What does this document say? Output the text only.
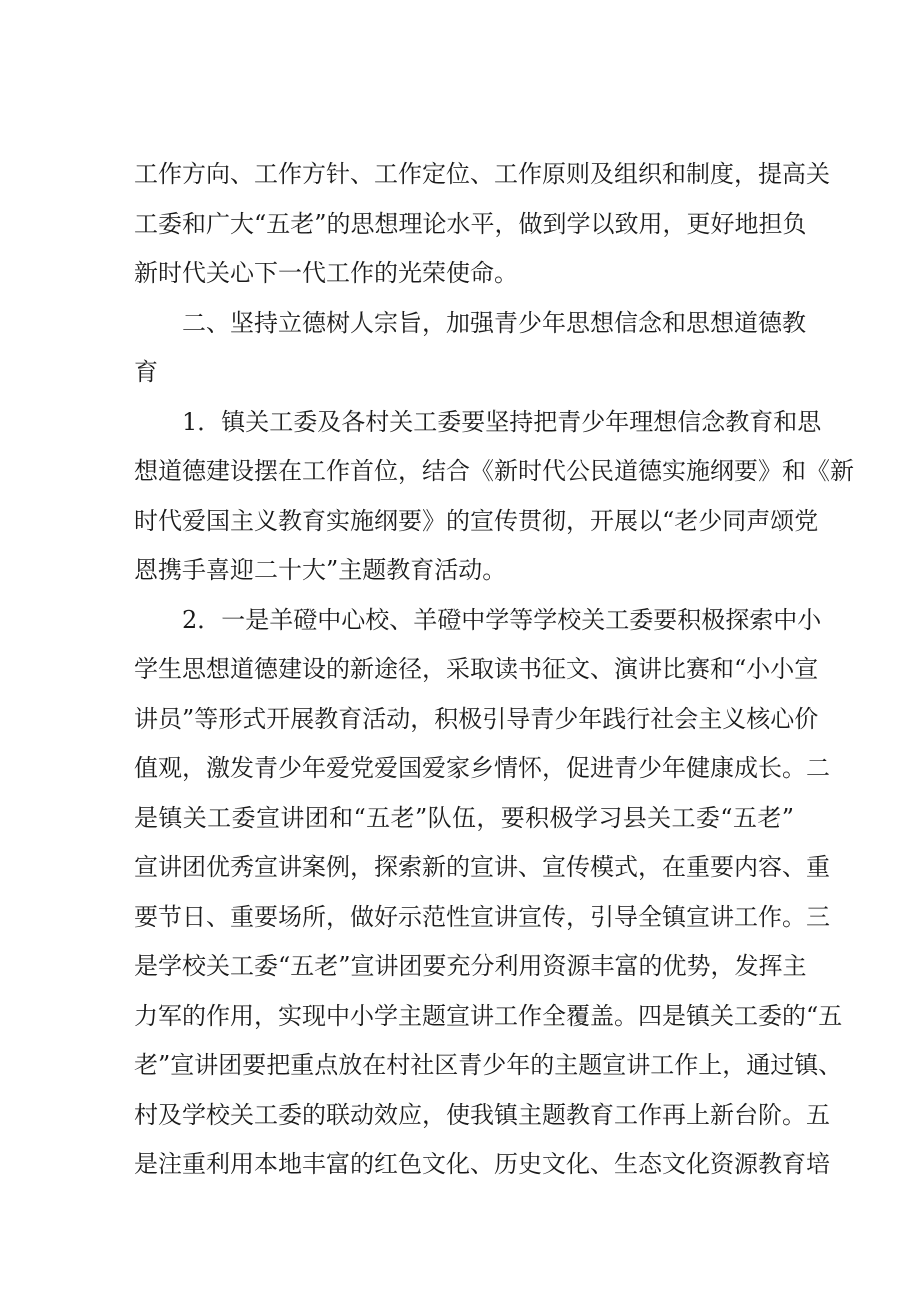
工作方向、工作方针、工作定位、工作原则及组织和制度，提高关
工委和广大“五老”的思想理论水平，做到学以致用，更好地担负
新时代关心下一代工作的光荣使命。
　　二、坚持立德树人宗旨，加强青少年思想信念和思想道德教
育
　　1．镇关工委及各村关工委要坚持把青少年理想信念教育和思
想道德建设摆在工作首位，结合《新时代公民道德实施纲要》和《新
时代爱国主义教育实施纲要》的宣传贯彻，开展以“老少同声颂党
恩携手喜迎二十大”主题教育活动。
　　2．一是羊磴中心校、羊磴中学等学校关工委要积极探索中小
学生思想道德建设的新途径，采取读书征文、演讲比赛和“小小宣
讲员”等形式开展教育活动，积极引导青少年践行社会主义核心价
值观，激发青少年爱党爱国爱家乡情怀，促进青少年健康成长。二
是镇关工委宣讲团和“五老”队伍，要积极学习县关工委“五老”
宣讲团优秀宣讲案例，探索新的宣讲、宣传模式，在重要内容、重
要节日、重要场所，做好示范性宣讲宣传，引导全镇宣讲工作。三
是学校关工委“五老”宣讲团要充分利用资源丰富的优势，发挥主
力军的作用，实现中小学主题宣讲工作全覆盖。四是镇关工委的“五
老”宣讲团要把重点放在村社区青少年的主题宣讲工作上，通过镇、
村及学校关工委的联动效应，使我镇主题教育工作再上新台阶。五
是注重利用本地丰富的红色文化、历史文化、生态文化资源教育培
